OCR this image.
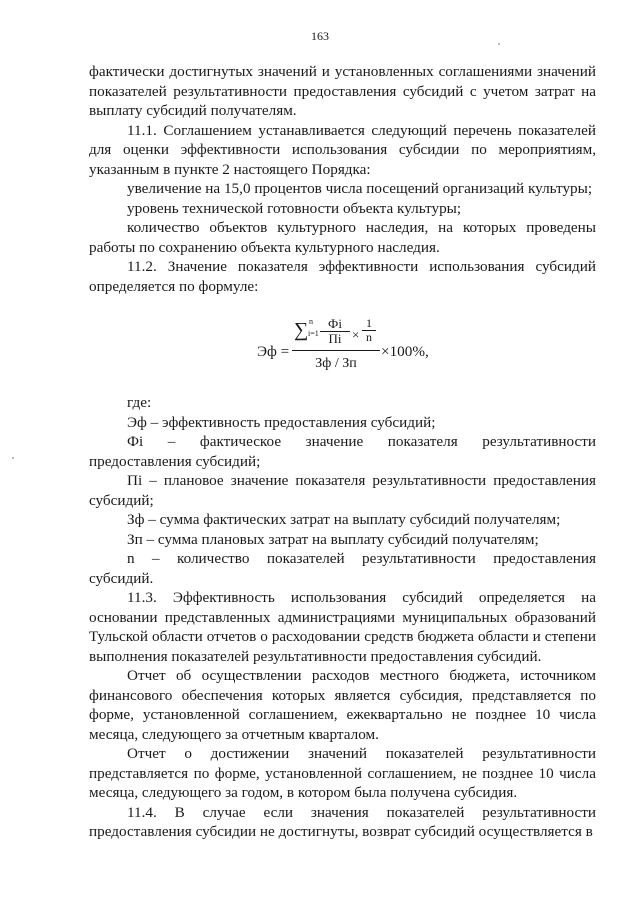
163

фактически достигнутых значений и установленных соглашениями значений показателей результативности предоставления субсидий с учетом затрат на выплату субсидий получателям.

11.1. Соглашением устанавливается следующий перечень показателей для оценки эффективности использования субсидии по мероприятиям, указанным в пункте 2 настоящего Порядка:

увеличение на 15,0 процентов числа посещений организаций культуры;

уровень технической готовности объекта культуры;

количество объектов культурного наследия, на которых проведены работы по сохранению объекта культурного наследия.

11.2. Значение показателя эффективности использования субсидий определяется по формуле:

Эф =
∑ n
i=1
Фi
Пi × $\frac{1}{n}$
Зф / Зп
×100%,

где:

Эф – эффективность предоставления субсидий;

Фi – фактическое значение показателя результативности предоставления субсидий;

Пi – плановое значение показателя результативности предоставления субсидий;

Зф – сумма фактических затрат на выплату субсидий получателям;

Зп – сумма плановых затрат на выплату субсидий получателям;

n – количество показателей результативности предоставления субсидий.

11.3. Эффективность использования субсидий определяется на основании представленных администрациями муниципальных образований Тульской области отчетов о расходовании средств бюджета области и степени выполнения показателей результативности предоставления субсидий.

Отчет об осуществлении расходов местного бюджета, источником финансового обеспечения которых является субсидия, представляется по форме, установленной соглашением, ежеквартально не позднее 10 числа месяца, следующего за отчетным кварталом.

Отчет о достижении значений показателей результативности представляется по форме, установленной соглашением, не позднее 10 числа месяца, следующего за годом, в котором была получена субсидия.

11.4. В случае если значения показателей результативности предоставления субсидии не достигнуты, возврат субсидий осуществляется в
